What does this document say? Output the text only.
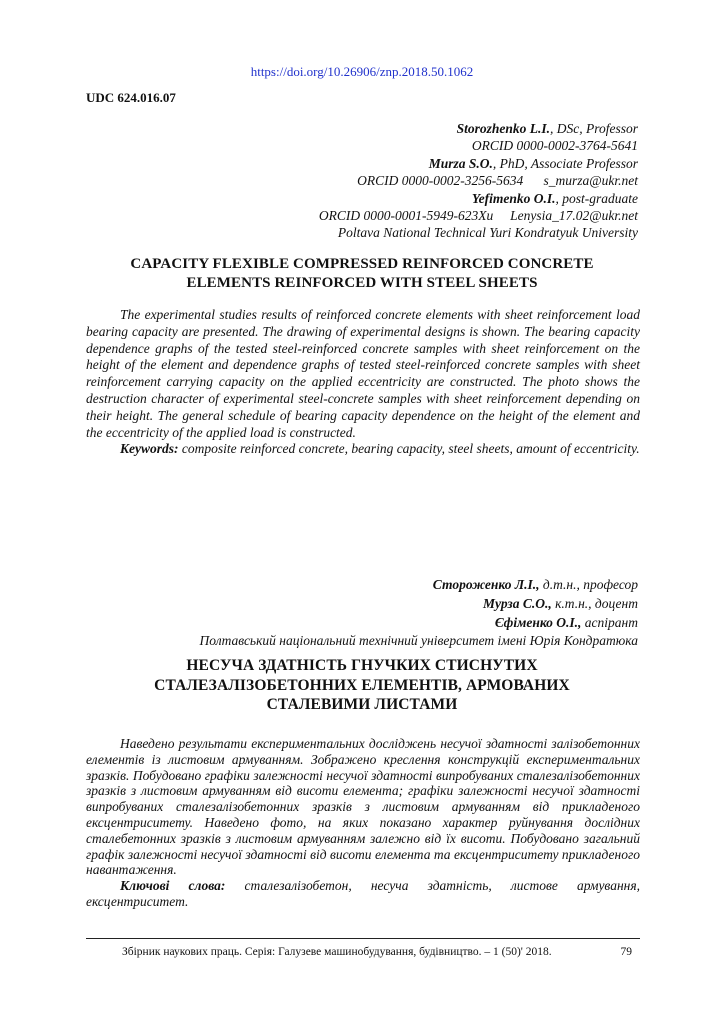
https://doi.org/10.26906/znp.2018.50.1062
UDC 624.016.07
Storozhenko L.I., DSc, Professor
ORCID 0000-0002-3764-5641
Murza S.O., PhD, Associate Professor
ORCID 0000-0002-3256-5634      s_murza@ukr.net
Yefimenko O.I., post-graduate
ORCID 0000-0001-5949-623Xu     Lenysia_17.02@ukr.net
Poltava National Technical Yuri Kondratyuk University
CAPACITY FLEXIBLE COMPRESSED REINFORCED CONCRETE
ELEMENTS REINFORCED WITH STEEL SHEETS

The experimental studies results of reinforced concrete elements with sheet reinforcement load bearing capacity are presented. The drawing of experimental designs is shown. The bearing capacity dependence graphs of the tested steel-reinforced concrete samples with sheet reinforcement on the height of the element and dependence graphs of tested steel-reinforced concrete samples with sheet reinforcement carrying capacity on the applied eccentricity are constructed. The photo shows the destruction character of experimental steel-concrete samples with sheet reinforcement depending on their height. The general schedule of bearing capacity dependence on the height of the element and the eccentricity of the applied load is constructed.

Keywords: composite reinforced concrete, bearing capacity, steel sheets, amount of eccentricity.

Стороженко Л.І., д.т.н., професор
Мурза С.О., к.т.н., доцент
Єфіменко О.І., аспірант
Полтавський національний технічний університет імені Юрія Кондратюка
НЕСУЧА ЗДАТНІСТЬ ГНУЧКИХ СТИСНУТИХ
СТАЛЕЗАЛІЗОБЕТОННИХ ЕЛЕМЕНТІВ, АРМОВАНИХ
СТАЛЕВИМИ ЛИСТАМИ

Наведено результати експериментальних досліджень несучої здатності залізобетонних елементів із листовим армуванням. Зображено креслення конструкцій експериментальних зразків. Побудовано графіки залежності несучої здатності випробуваних сталезалізобетонних зразків з листовим армуванням від висоти елемента; графіки залежності несучої здатності випробуваних сталезалізобетонних зразків з листовим армуванням від прикладеного ексцентриситету. Наведено фото, на яких показано характер руйнування дослідних сталебетонних зразків з листовим армуванням залежно від їх висоти. Побудовано загальний графік залежності несучої здатності від висоти елемента та ексцентриситету прикладеного навантаження.

Ключові слова: сталезалізобетон, несуча здатність, листове армування, ексцентриситет.

Збірник наукових праць. Серія: Галузеве машинобудування, будівництво. – 1 (50)' 2018.	79
